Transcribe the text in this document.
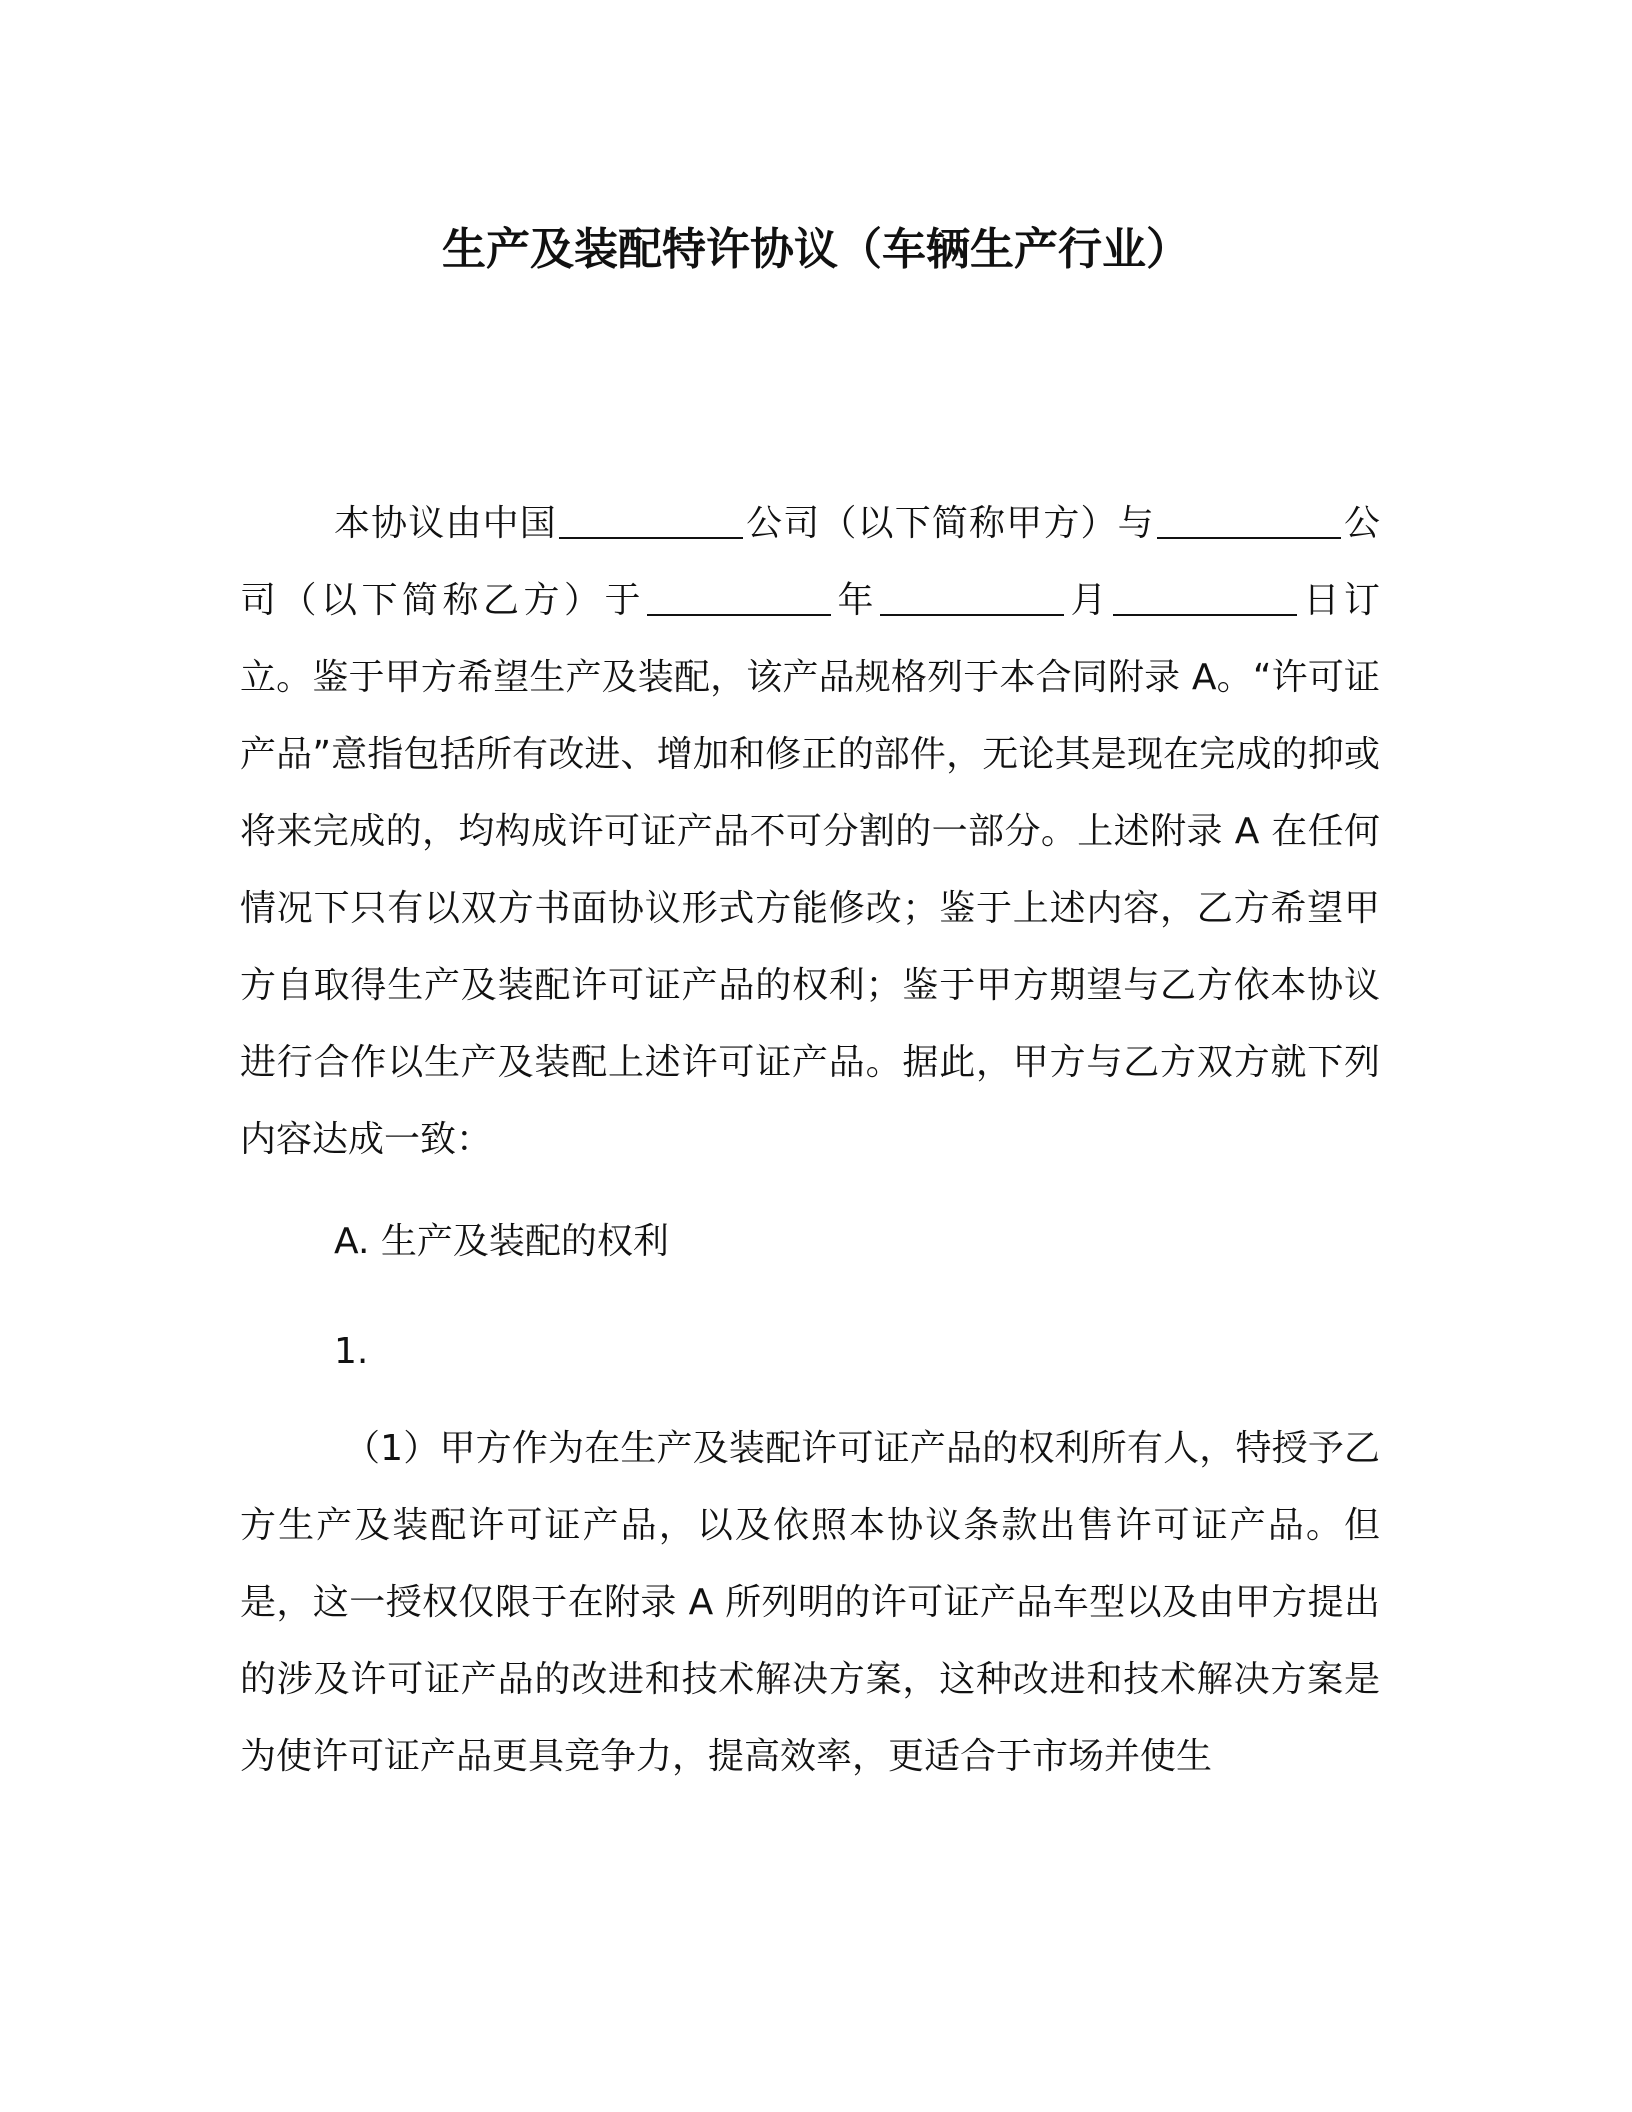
生产及装配特许协议（车辆生产行业）

本协议由中国	公司（以下简称甲方）与	公司（以下简称乙方）于	年	月	日订立。鉴于甲方希望生产及装配，该产品规格列于本合同附录 A。“许可证产品”意指包括所有改进、增加和修正的部件，无论其是现在完成的抑或将来完成的，均构成许可证产品不可分割的一部分。上述附录 A 在任何情况下只有以双方书面协议形式方能修改；鉴于上述内容，乙方希望甲方自取得生产及装配许可证产品的权利；鉴于甲方期望与乙方依本协议进行合作以生产及装配上述许可证产品。据此，甲方与乙方双方就下列内容达成一致：

A. 生产及装配的权利
1.

（1）甲方作为在生产及装配许可证产品的权利所有人，特授予乙方生产及装配许可证产品，以及依照本协议条款出售许可证产品。但是，这一授权仅限于在附录 A 所列明的许可证产品车型以及由甲方提出的涉及许可证产品的改进和技术解决方案，这种改进和技术解决方案是为使许可证产品更具竞争力，提高效率，更适合于市场并使生
